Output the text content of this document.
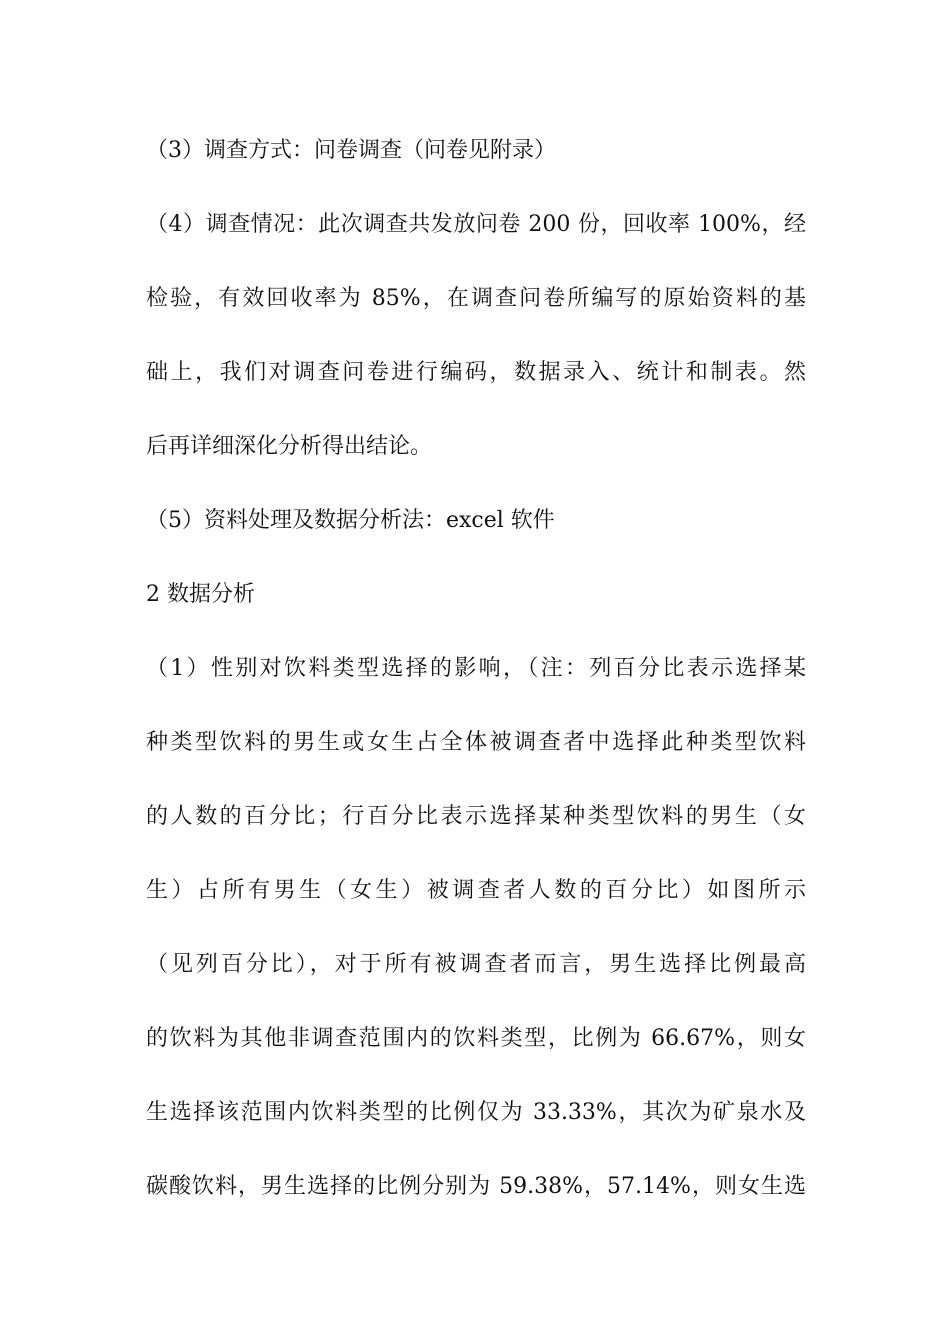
（3）调查方式：问卷调查（问卷见附录）
（4）调查情况：此次调查共发放问卷 200 份，回收率 100%，经
检验，有效回收率为 85%，在调查问卷所编写的原始资料的基
础上，我们对调查问卷进行编码，数据录入、统计和制表。然
后再详细深化分析得出结论。
（5）资料处理及数据分析法：excel 软件
2 数据分析
（1）性别对饮料类型选择的影响，（注：列百分比表示选择某
种类型饮料的男生或女生占全体被调查者中选择此种类型饮料
的人数的百分比；行百分比表示选择某种类型饮料的男生（女
生）占所有男生（女生）被调查者人数的百分比）如图所示
（见列百分比），对于所有被调查者而言，男生选择比例最高
的饮料为其他非调查范围内的饮料类型，比例为 66.67%，则女
生选择该范围内饮料类型的比例仅为 33.33%，其次为矿泉水及
碳酸饮料，男生选择的比例分别为 59.38%，57.14%，则女生选
